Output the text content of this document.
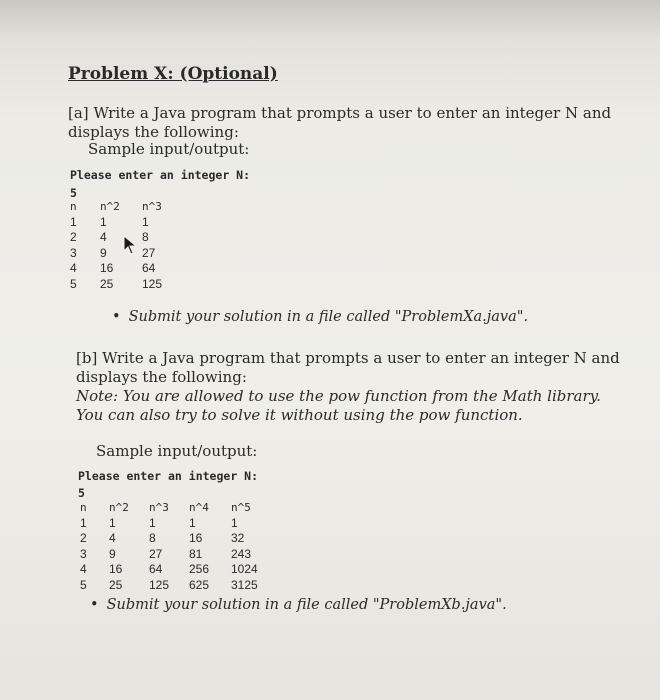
Problem X: (Optional)
[a] Write a Java program that prompts a user to enter an integer N and displays the following:
Sample input/output:
Please enter an integer N:
5
n	n^2	n^3
1	1	1
2	4	8
3	9	27
4	16	64
5	25	125
• Submit your solution in a file called "ProblemXa.java".
[b] Write a Java program that prompts a user to enter an integer N and displays the following:
Note: You are allowed to use the pow function from the Math library. You can also try to solve it without using the pow function.
Sample input/output:
Please enter an integer N:
5
n	n^2	n^3	n^4	n^5
1	1	1	1	1
2	4	8	16	32
3	9	27	81	243
4	16	64	256	1024
5	25	125	625	3125
• Submit your solution in a file called "ProblemXb.java".
